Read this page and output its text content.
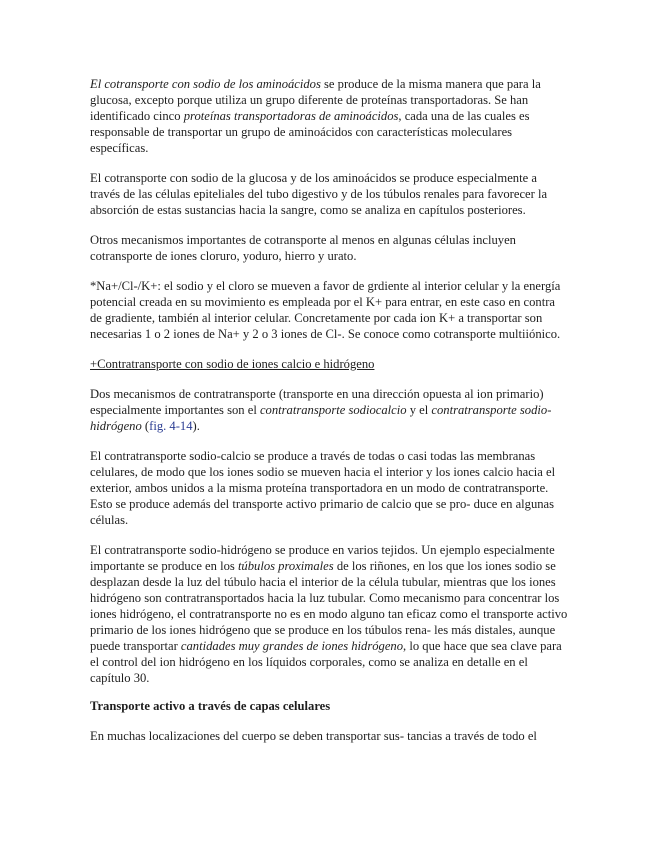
El cotransporte con sodio de los aminoácidos se produce de la misma manera que para la glucosa, excepto porque utiliza un grupo diferente de proteínas transportadoras. Se han identificado cinco proteínas transportadoras de aminoácidos, cada una de las cuales es responsable de transportar un grupo de aminoácidos con características moleculares específicas.

El cotransporte con sodio de la glucosa y de los aminoácidos se produce especialmente a través de las células epiteliales del tubo digestivo y de los túbulos renales para favorecer la absorción de estas sustancias hacia la sangre, como se analiza en capítulos posteriores.

Otros mecanismos importantes de cotransporte al menos en algunas células incluyen cotransporte de iones cloruro, yoduro, hierro y urato.

*Na+/Cl-/K+: el sodio y el cloro se mueven a favor de grdiente al interior celular y la energía potencial creada en su movimiento es empleada por el K+ para entrar, en este caso en contra de gradiente, también al interior celular. Concretamente por cada ion K+ a transportar son necesarias 1 o 2 iones de Na+ y 2 o 3 iones de Cl-. Se conoce como cotransporte multiiónico.

+Contratransporte con sodio de iones calcio e hidrógeno

Dos mecanismos de contratransporte (transporte en una dirección opuesta al ion primario) especialmente importantes son el contratransporte sodiocalcio y el contratransporte sodio-hidrógeno (fig. 4-14).

El contratransporte sodio-calcio se produce a través de todas o casi todas las membranas celulares, de modo que los iones sodio se mueven hacia el interior y los iones calcio hacia el exterior, ambos unidos a la misma proteína transportadora en un modo de contratransporte. Esto se produce además del transporte activo primario de calcio que se pro- duce en algunas células.

El contratransporte sodio-hidrógeno se produce en varios tejidos. Un ejemplo especialmente importante se produce en los túbulos proximales de los riñones, en los que los iones sodio se desplazan desde la luz del túbulo hacia el interior de la célula tubular, mientras que los iones hidrógeno son contratransportados hacia la luz tubular. Como mecanismo para concentrar los iones hidrógeno, el contratransporte no es en modo alguno tan eficaz como el transporte activo primario de los iones hidrógeno que se produce en los túbulos rena- les más distales, aunque puede transportar cantidades muy grandes de iones hidrógeno, lo que hace que sea clave para el control del ion hidrógeno en los líquidos corporales, como se analiza en detalle en el capítulo 30.

Transporte activo a través de capas celulares

En muchas localizaciones del cuerpo se deben transportar sus- tancias a través de todo el
